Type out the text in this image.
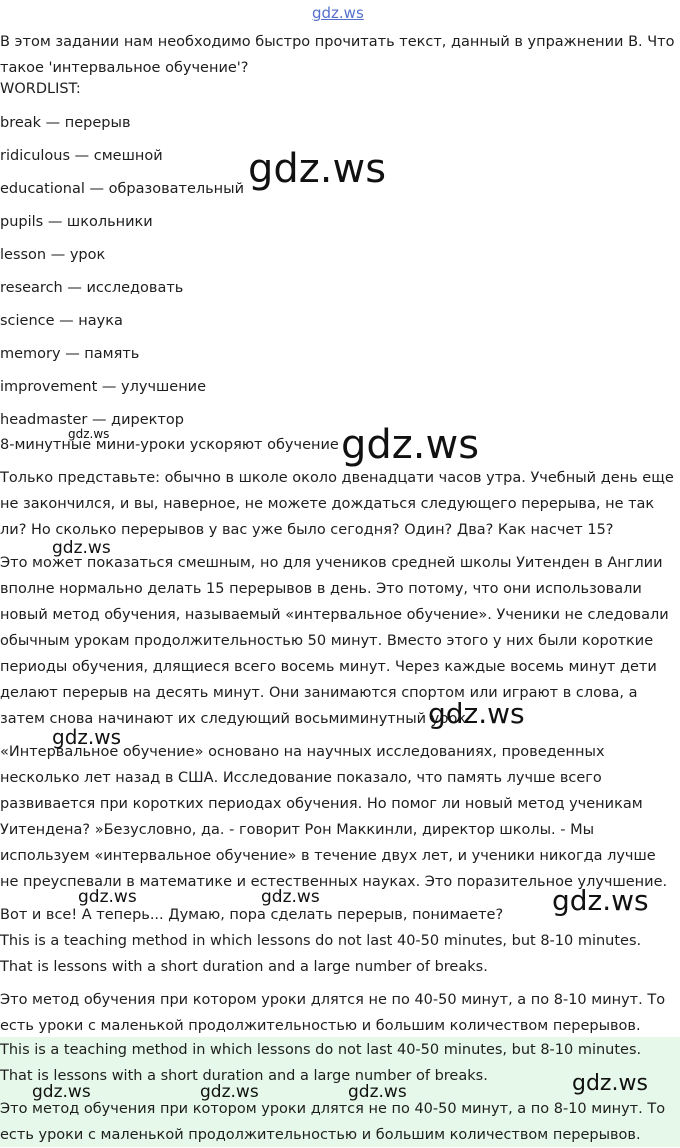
gdz.ws
В этом задании нам необходимо быстро прочитать текст, данный в упражнении В. Что такое 'интервальное обучение'?
WORDLIST:
break — перерыв
ridiculous — смешной
educational — образовательный
pupils — школьники
lesson — урок
research — исследовать
science — наука
memory — память
improvement — улучшение
headmaster — директор
8-минутные мини-уроки ускоряют обучение
Только представьте: обычно в школе около двенадцати часов утра. Учебный день еще не закончился, и вы, наверное, не можете дождаться следующего перерыва, не так ли? Но сколько перерывов у вас уже было сегодня? Один? Два? Как насчет 15?
Это может показаться смешным, но для учеников средней школы Уитенден в Англии вполне нормально делать 15 перерывов в день. Это потому, что они использовали новый метод обучения, называемый «интервальное обучение». Ученики не следовали обычным урокам продолжительностью 50 минут. Вместо этого у них были короткие периоды обучения, длящиеся всего восемь минут. Через каждые восемь минут дети делают перерыв на десять минут. Они занимаются спортом или играют в слова, а затем снова начинают их следующий восьмиминутный урок.
«Интервальное обучение» основано на научных исследованиях, проведенных несколько лет назад в США. Исследование показало, что память лучше всего развивается при коротких периодах обучения. Но помог ли новый метод ученикам Уитендена? »Безусловно, да. - говорит Рон Маккинли, директор школы. - Мы используем «интервальное обучение» в течение двух лет, и ученики никогда лучше не преуспевали в математике и естественных науках. Это поразительное улучшение.
Вот и все! А теперь... Думаю, пора сделать перерыв, понимаете?
This is a teaching method in which lessons do not last 40-50 minutes, but 8-10 minutes. That is lessons with a short duration and a large number of breaks.
Это метод обучения при котором уроки длятся не по 40-50 минут, а по 8-10 минут. То есть уроки с маленькой продолжительностью и большим количеством перерывов.
This is a teaching method in which lessons do not last 40-50 minutes, but 8-10 minutes. That is lessons with a short duration and a large number of breaks.
Это метод обучения при котором уроки длятся не по 40-50 минут, а по 8-10 минут. То есть уроки с маленькой продолжительностью и большим количеством перерывов.
gdz.ws
gdz.ws	gdz.ws
gdz.ws
gdz.ws
gdz.ws
gdz.ws	gdz.ws	gdz.ws
gdz.ws	gdz.ws	gdz.ws	gdz.ws
